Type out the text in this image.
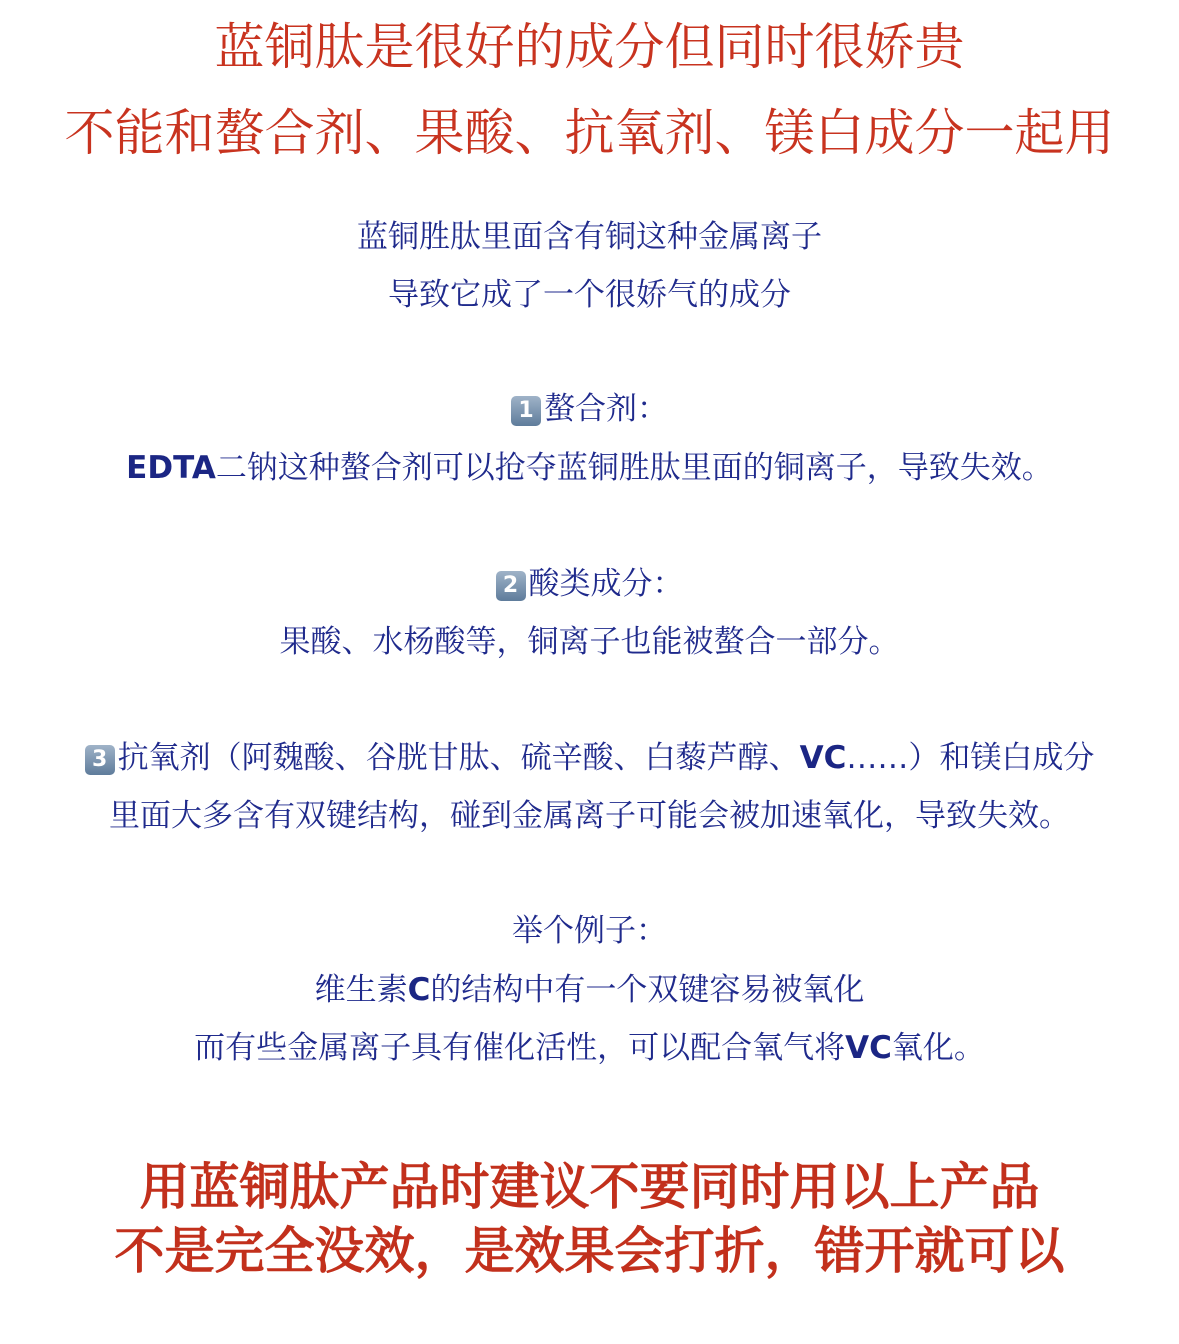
蓝铜肽是很好的成分但同时很娇贵
不能和螯合剂、果酸、抗氧剂、镁白成分一起用
蓝铜胜肽里面含有铜这种金属离子
导致它成了一个很娇气的成分
1 螯合剂：
EDTA二钠这种螯合剂可以抢夺蓝铜胜肽里面的铜离子，导致失效。
2 酸类成分：
果酸、水杨酸等，铜离子也能被螯合一部分。
3 抗氧剂（阿魏酸、谷胱甘肽、硫辛酸、白藜芦醇、VC……）和镁白成分
里面大多含有双键结构，碰到金属离子可能会被加速氧化，导致失效。
举个例子：
维生素C的结构中有一个双键容易被氧化
而有些金属离子具有催化活性，可以配合氧气将VC氧化。
用蓝铜肽产品时建议不要同时用以上产品
不是完全没效，是效果会打折，错开就可以
